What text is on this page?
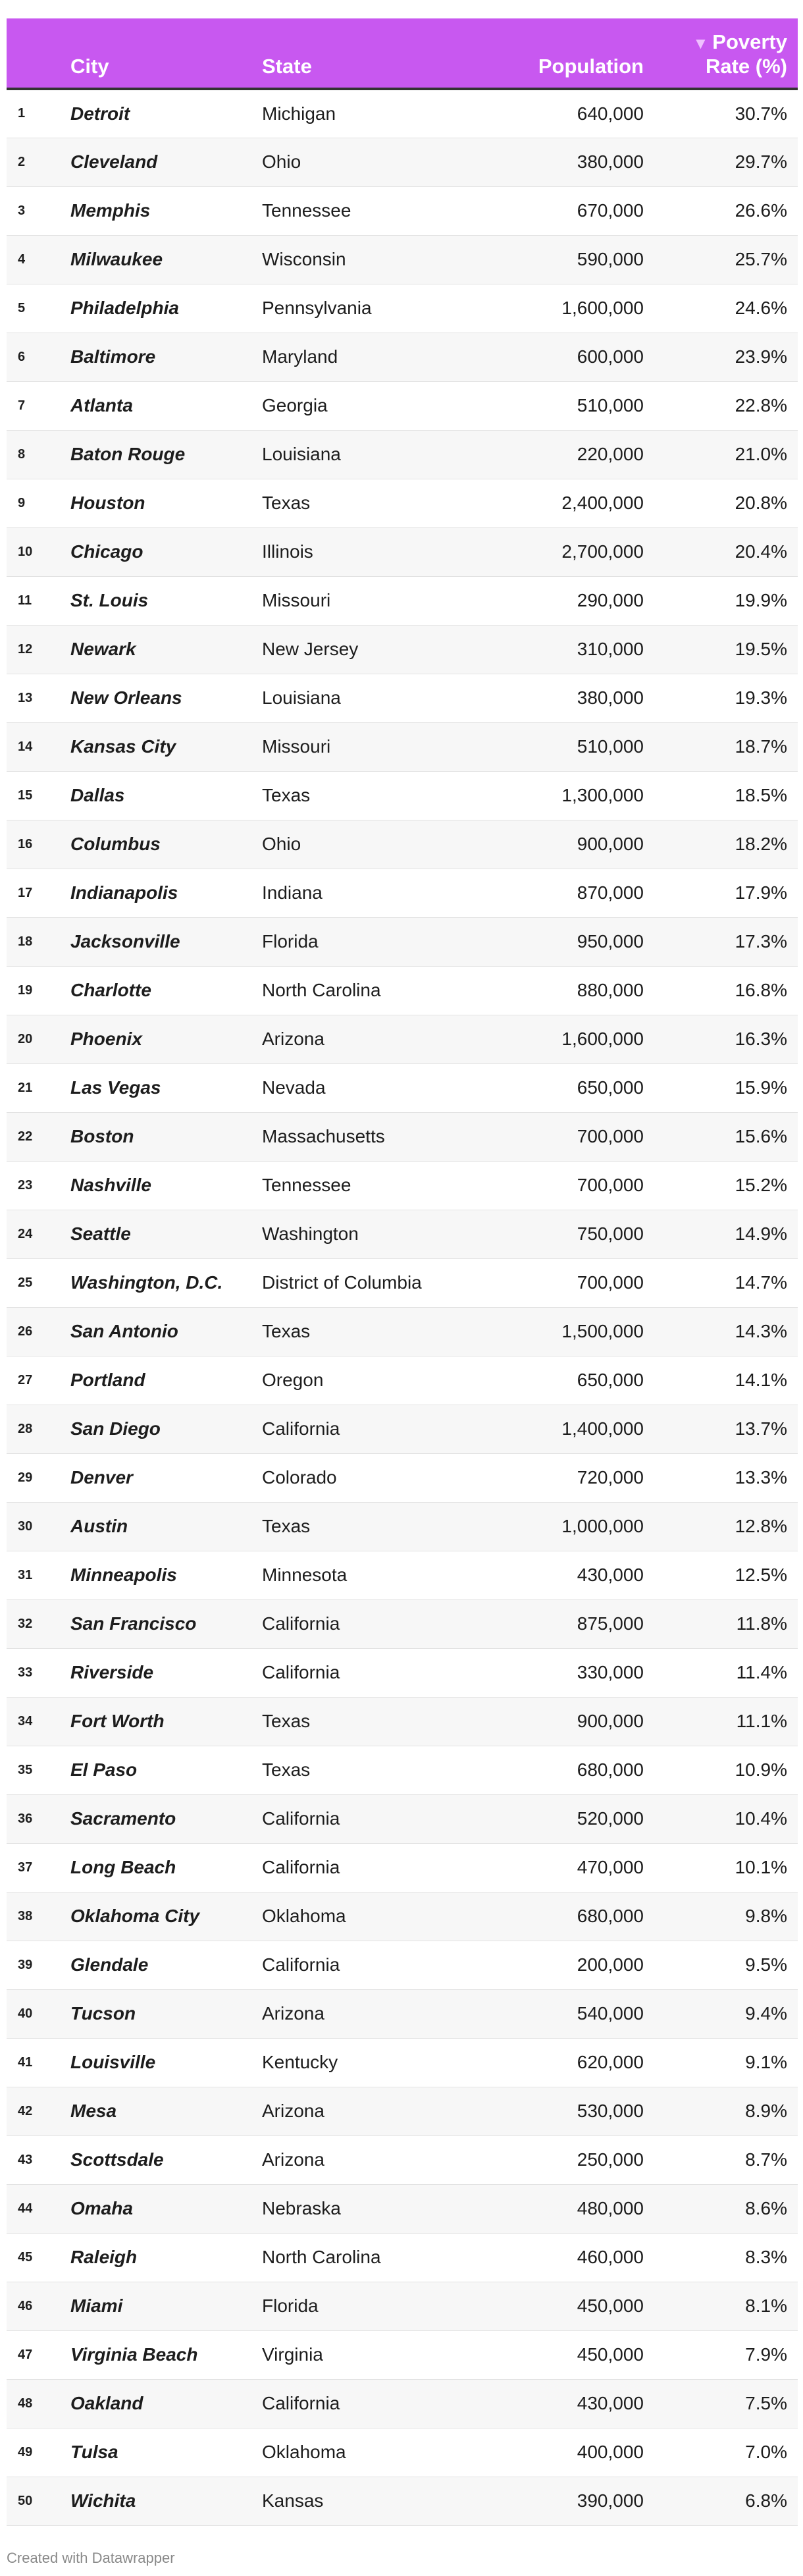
	City	State	Population	▼ Poverty
Rate (%)
1	Detroit	Michigan	640,000	30.7%
2	Cleveland	Ohio	380,000	29.7%
3	Memphis	Tennessee	670,000	26.6%
4	Milwaukee	Wisconsin	590,000	25.7%
5	Philadelphia	Pennsylvania	1,600,000	24.6%
6	Baltimore	Maryland	600,000	23.9%
7	Atlanta	Georgia	510,000	22.8%
8	Baton Rouge	Louisiana	220,000	21.0%
9	Houston	Texas	2,400,000	20.8%
10	Chicago	Illinois	2,700,000	20.4%
11	St. Louis	Missouri	290,000	19.9%
12	Newark	New Jersey	310,000	19.5%
13	New Orleans	Louisiana	380,000	19.3%
14	Kansas City	Missouri	510,000	18.7%
15	Dallas	Texas	1,300,000	18.5%
16	Columbus	Ohio	900,000	18.2%
17	Indianapolis	Indiana	870,000	17.9%
18	Jacksonville	Florida	950,000	17.3%
19	Charlotte	North Carolina	880,000	16.8%
20	Phoenix	Arizona	1,600,000	16.3%
21	Las Vegas	Nevada	650,000	15.9%
22	Boston	Massachusetts	700,000	15.6%
23	Nashville	Tennessee	700,000	15.2%
24	Seattle	Washington	750,000	14.9%
25	Washington, D.C.	District of Columbia	700,000	14.7%
26	San Antonio	Texas	1,500,000	14.3%
27	Portland	Oregon	650,000	14.1%
28	San Diego	California	1,400,000	13.7%
29	Denver	Colorado	720,000	13.3%
30	Austin	Texas	1,000,000	12.8%
31	Minneapolis	Minnesota	430,000	12.5%
32	San Francisco	California	875,000	11.8%
33	Riverside	California	330,000	11.4%
34	Fort Worth	Texas	900,000	11.1%
35	El Paso	Texas	680,000	10.9%
36	Sacramento	California	520,000	10.4%
37	Long Beach	California	470,000	10.1%
38	Oklahoma City	Oklahoma	680,000	9.8%
39	Glendale	California	200,000	9.5%
40	Tucson	Arizona	540,000	9.4%
41	Louisville	Kentucky	620,000	9.1%
42	Mesa	Arizona	530,000	8.9%
43	Scottsdale	Arizona	250,000	8.7%
44	Omaha	Nebraska	480,000	8.6%
45	Raleigh	North Carolina	460,000	8.3%
46	Miami	Florida	450,000	8.1%
47	Virginia Beach	Virginia	450,000	7.9%
48	Oakland	California	430,000	7.5%
49	Tulsa	Oklahoma	400,000	7.0%
50	Wichita	Kansas	390,000	6.8%
Created with Datawrapper
